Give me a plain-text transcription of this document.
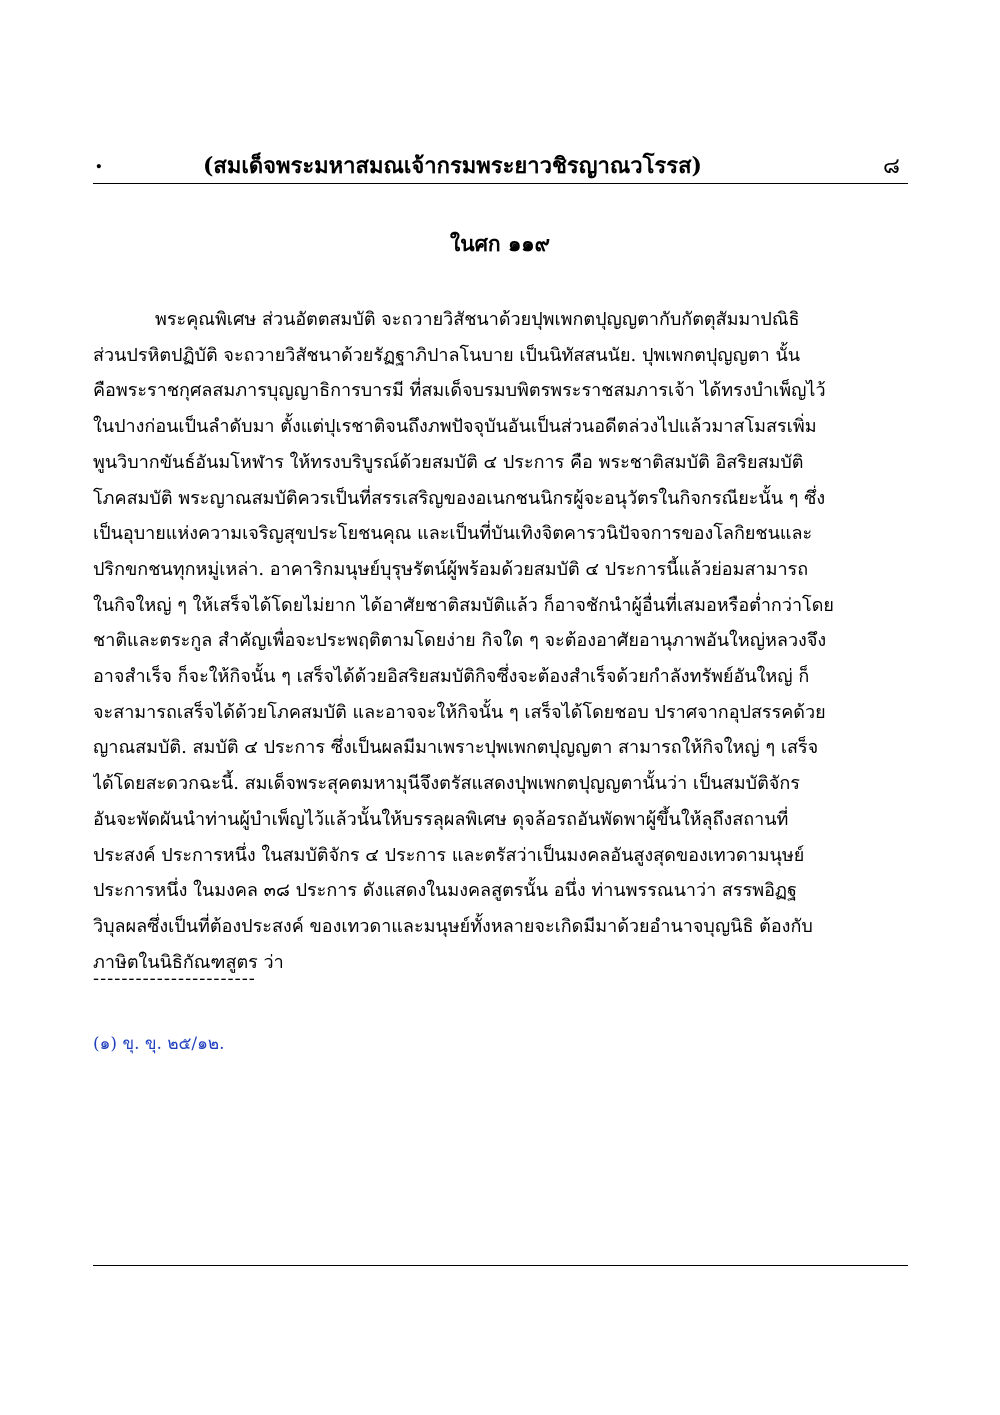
.	(สมเด็จพระมหาสมณเจ้ากรมพระยาวชิรญาณวโรรส)	๘
ในศก ๑๑๙
พระคุณพิเศษ ส่วนอัตตสมบัติ จะถวายวิสัชนาด้วยปุพเพกตปุญญตากับกัตตุสัมมาปณิธิ
ส่วนปรหิตปฏิบัติ จะถวายวิสัชนาด้วยรัฏฐาภิปาลโนบาย เป็นนิทัสสนนัย. ปุพเพกตปุญญตา นั้น
คือพระราชกุศลสมภารบุญญาธิการบารมี ที่สมเด็จบรมบพิตรพระราชสมภารเจ้า ได้ทรงบำเพ็ญไว้
ในปางก่อนเป็นลำดับมา ตั้งแต่ปุเรชาติจนถึงภพปัจจุบันอันเป็นส่วนอดีตล่วงไปแล้วมาสโมสรเพิ่ม
พูนวิบากขันธ์อันมโหฬาร ให้ทรงบริบูรณ์ด้วยสมบัติ ๔ ประการ คือ พระชาติสมบัติ อิสริยสมบัติ
โภคสมบัติ พระญาณสมบัติควรเป็นที่สรรเสริญของอเนกชนนิกรผู้จะอนุวัตรในกิจกรณียะนั้น ๆ ซึ่ง
เป็นอุบายแห่งความเจริญสุขประโยชนคุณ และเป็นที่บันเทิงจิตคารวนิปัจจการของโลกิยชนและ
ปริกขกชนทุกหมู่เหล่า. อาคาริกมนุษย์บุรุษรัตน์ผู้พร้อมด้วยสมบัติ ๔ ประการนี้แล้วย่อมสามารถ
ในกิจใหญ่ ๆ ให้เสร็จได้โดยไม่ยาก ได้อาศัยชาติสมบัติแล้ว ก็อาจชักนำผู้อื่นที่เสมอหรือต่ำกว่าโดย
ชาติและตระกูล สำคัญเพื่อจะประพฤติตามโดยง่าย กิจใด ๆ จะต้องอาศัยอานุภาพอันใหญ่หลวงจึง
อาจสำเร็จ ก็จะให้กิจนั้น ๆ เสร็จได้ด้วยอิสริยสมบัติกิจซึ่งจะต้องสำเร็จด้วยกำลังทรัพย์อันใหญ่ ก็
จะสามารถเสร็จได้ด้วยโภคสมบัติ และอาจจะให้กิจนั้น ๆ เสร็จได้โดยชอบ ปราศจากอุปสรรคด้วย
ญาณสมบัติ. สมบัติ ๔ ประการ ซึ่งเป็นผลมีมาเพราะปุพเพกตปุญญตา สามารถให้กิจใหญ่ ๆ เสร็จ
ได้โดยสะดวกฉะนี้. สมเด็จพระสุคตมหามุนีจึงตรัสแสดงปุพเพกตปุญญตานั้นว่า เป็นสมบัติจักร
อันจะพัดผันนำท่านผู้บำเพ็ญไว้แล้วนั้นให้บรรลุผลพิเศษ ดุจล้อรถอันพัดพาผู้ขึ้นให้ลุถึงสถานที่
ประสงค์ ประการหนึ่ง ในสมบัติจักร ๔ ประการ และตรัสว่าเป็นมงคลอันสูงสุดของเทวดามนุษย์
ประการหนึ่ง ในมงคล ๓๘ ประการ ดังแสดงในมงคลสูตรนั้น อนึ่ง ท่านพรรณนาว่า สรรพอิฏฐ
วิบุลผลซึ่งเป็นที่ต้องประสงค์ ของเทวดาและมนุษย์ทั้งหลายจะเกิดมีมาด้วยอำนาจบุญนิธิ ต้องกับ
ภาษิตในนิธิกัณฑสูตร ว่า
-----------------------
(๑) ขุ. ขุ. ๒๕/๑๒.
